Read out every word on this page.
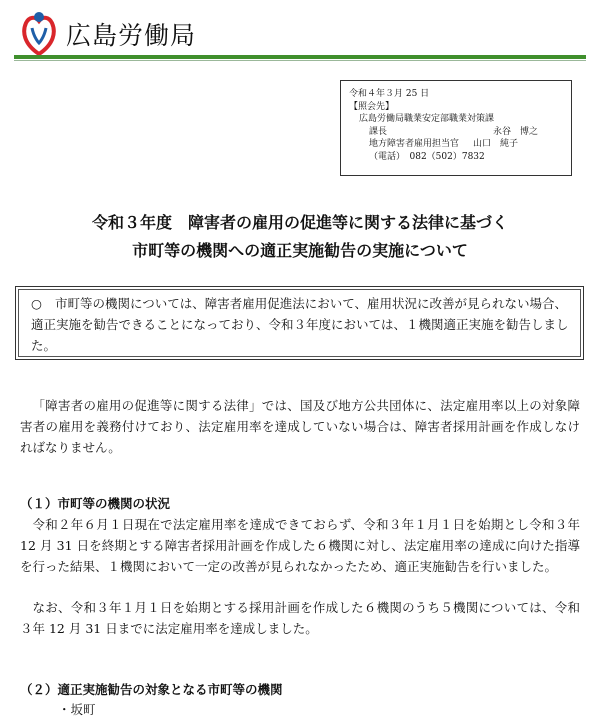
広島労働局
令和４年３月 25 日
【照会先】
広島労働局職業安定部職業対策課
課長	永谷　博之
地方障害者雇用担当官 山口　純子
（電話）　082（502）7832
令和３年度　障害者の雇用の促進等に関する法律に基づく
市町等の機関への適正実施勧告の実施について
○ 市町等の機関については、障害者雇用促進法において、雇用状況に改善が見られない場合、適正実施を勧告できることになっており、令和３年度においては、１機関適正実施を勧告しました。
「障害者の雇用の促進等に関する法律」では、国及び地方公共団体に、法定雇用率以上の対象障害者の雇用を義務付けており、法定雇用率を達成していない場合は、障害者採用計画を作成しなければなりません。
（１）市町等の機関の状況
令和２年６月１日現在で法定雇用率を達成できておらず、令和３年１月１日を始期とし令和３年 12 月 31 日を終期とする障害者採用計画を作成した６機関に対し、法定雇用率の達成に向けた指導を行った結果、１機関において一定の改善が見られなかったため、適正実施勧告を行いました。
なお、令和３年１月１日を始期とする採用計画を作成した６機関のうち５機関については、令和３年 12 月 31 日までに法定雇用率を達成しました。
（２）適正実施勧告の対象となる市町等の機関
・坂町
